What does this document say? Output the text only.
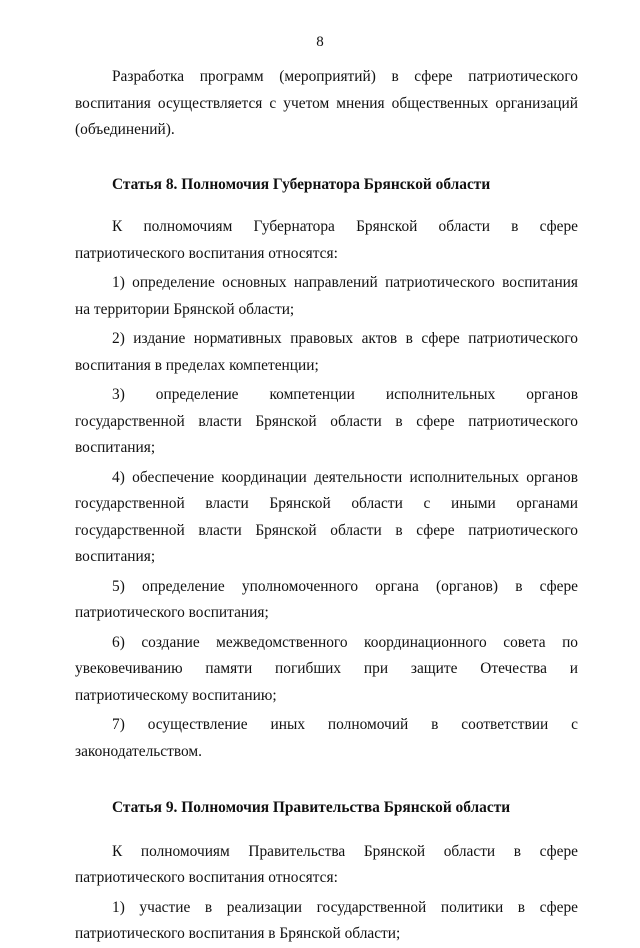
8

Разработка программ (мероприятий) в сфере патриотического воспитания осуществляется с учетом мнения общественных организаций (объединений).

Статья 8. Полномочия Губернатора Брянской области

К полномочиям Губернатора Брянской области в сфере патриотического воспитания относятся:

1) определение основных направлений патриотического воспитания на территории Брянской области;

2) издание нормативных правовых актов в сфере патриотического воспитания в пределах компетенции;

3) определение компетенции исполнительных органов государственной власти Брянской области в сфере патриотического воспитания;

4) обеспечение координации деятельности исполнительных органов государственной власти Брянской области с иными органами государственной власти Брянской области в сфере патриотического воспитания;

5) определение уполномоченного органа (органов) в сфере патриотического воспитания;

6) создание межведомственного координационного совета по увековечиванию памяти погибших при защите Отечества и патриотическому воспитанию;

7) осуществление иных полномочий в соответствии с законодательством.

Статья 9. Полномочия Правительства Брянской области

К полномочиям Правительства Брянской области в сфере патриотического воспитания относятся:

1) участие в реализации государственной политики в сфере патриотического воспитания в Брянской области;
